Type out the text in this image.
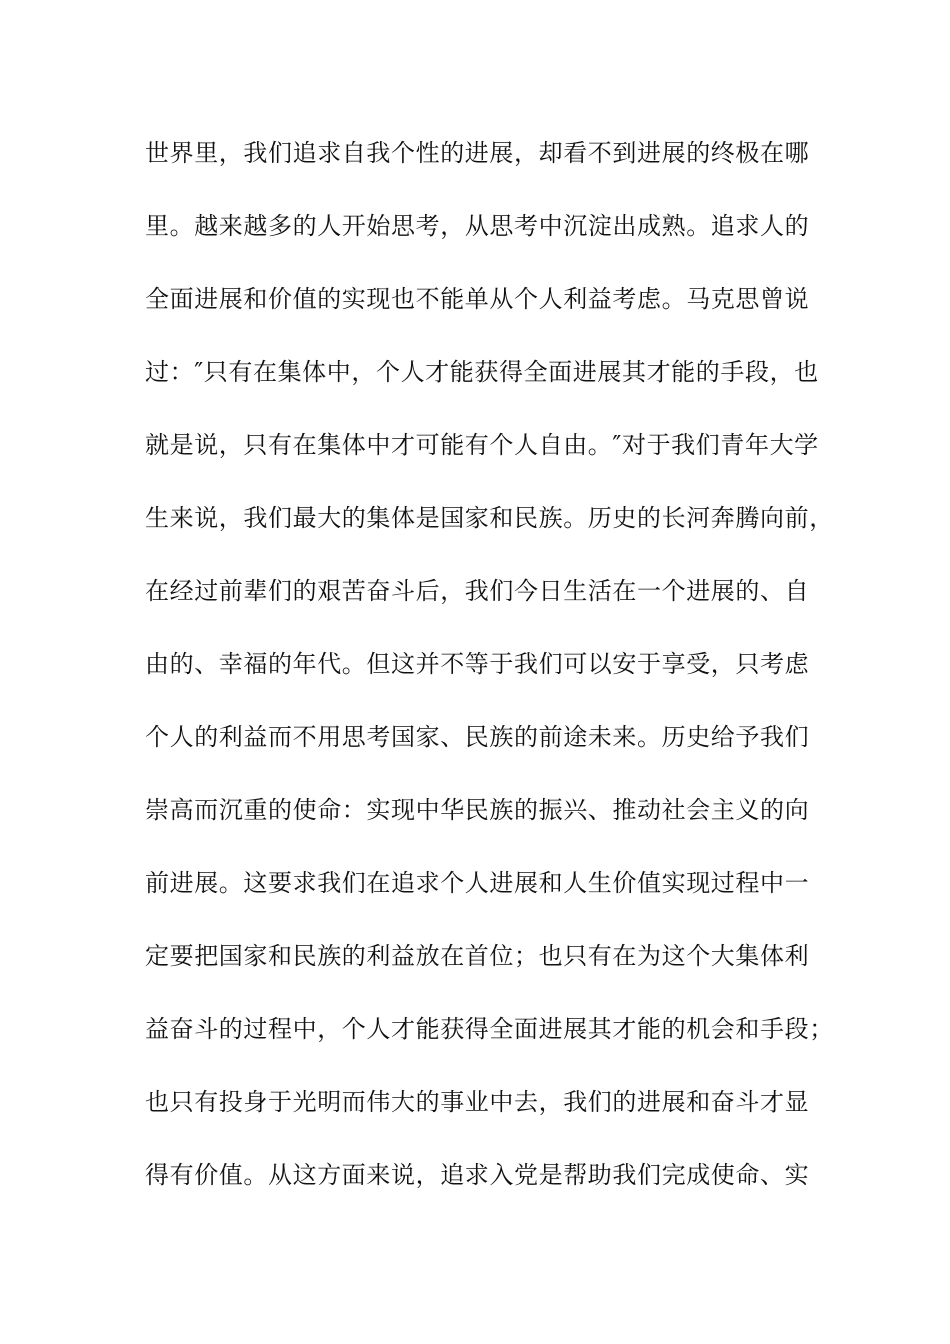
世界里，我们追求自我个性的进展，却看不到进展的终极在哪
里。越来越多的人开始思考，从思考中沉淀出成熟。追求人的
全面进展和价值的实现也不能单从个人利益考虑。马克思曾说
过：″只有在集体中，个人才能获得全面进展其才能的手段，也
就是说，只有在集体中才可能有个人自由。″对于我们青年大学
生来说，我们最大的集体是国家和民族。历史的长河奔腾向前，
在经过前辈们的艰苦奋斗后，我们今日生活在一个进展的、自
由的、幸福的年代。但这并不等于我们可以安于享受，只考虑
个人的利益而不用思考国家、民族的前途未来。历史给予我们
崇高而沉重的使命：实现中华民族的振兴、推动社会主义的向
前进展。这要求我们在追求个人进展和人生价值实现过程中一
定要把国家和民族的利益放在首位；也只有在为这个大集体利
益奋斗的过程中，个人才能获得全面进展其才能的机会和手段；
也只有投身于光明而伟大的事业中去，我们的进展和奋斗才显
得有价值。从这方面来说，追求入党是帮助我们完成使命、实
